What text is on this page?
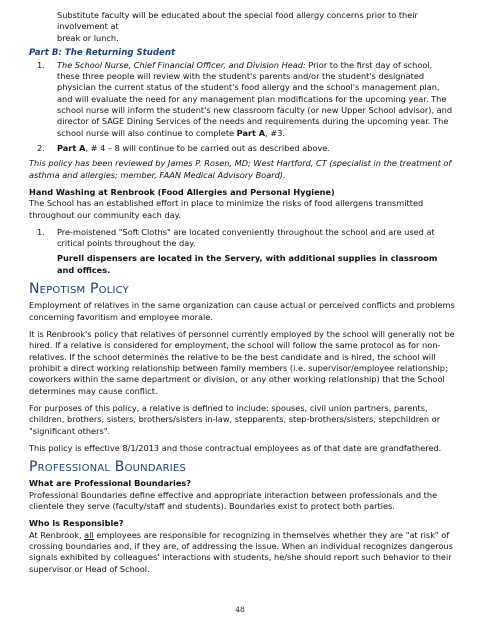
Substitute faculty will be educated about the special food allergy concerns prior to their involvement at

break or lunch.

Part B: The Returning Student

1.	The School Nurse, Chief Financial Officer, and Division Head: Prior to the first day of school, these three people will review with the student's parents and/or the student's designated physician the current status of the student's food allergy and the school's management plan, and will evaluate the need for any management plan modifications for the upcoming year. The school nurse will inform the student's new classroom faculty (or new Upper School advisor), and director of SAGE Dining Services of the needs and requirements during the upcoming year. The school nurse will also continue to complete Part A, #3.
2.	Part A, # 4 – 8 will continue to be carried out as described above.

This policy has been reviewed by James P. Rosen, MD; West Hartford, CT (specialist in the treatment of asthma and allergies; member, FAAN Medical Advisory Board).

Hand Washing at Renbrook (Food Allergies and Personal Hygiene)

The School has an established effort in place to minimize the risks of food allergens transmitted throughout our community each day.

1.	Pre-moistened "Soft Cloths" are located conveniently throughout the school and are used at critical points throughout the day.

Purell dispensers are located in the Servery, with additional supplies in classroom and offices.

Nepotism Policy

Employment of relatives in the same organization can cause actual or perceived conflicts and problems concerning favoritism and employee morale.

It is Renbrook's policy that relatives of personnel currently employed by the school will generally not be hired. If a relative is considered for employment, the school will follow the same protocol as for non-relatives. If the school determines the relative to be the best candidate and is hired, the school will prohibit a direct working relationship between family members (i.e. supervisor/employee relationship; coworkers within the same department or division, or any other working relationship) that the School determines may cause conflict.

For purposes of this policy, a relative is defined to include: spouses, civil union partners, parents, children, brothers, sisters, brothers/sisters in-law, stepparents, step-brothers/sisters, stepchildren or "significant others".

This policy is effective 8/1/2013 and those contractual employees as of that date are grandfathered.

Professional Boundaries

What are Professional Boundaries?

Professional Boundaries define effective and appropriate interaction between professionals and the clientele they serve (faculty/staff and students). Boundaries exist to protect both parties.

Who is Responsible?

At Renbrook, all employees are responsible for recognizing in themselves whether they are "at risk" of crossing boundaries and, if they are, of addressing the issue. When an individual recognizes dangerous signals exhibited by colleagues' interactions with students, he/she should report such behavior to their supervisor or Head of School.

48
